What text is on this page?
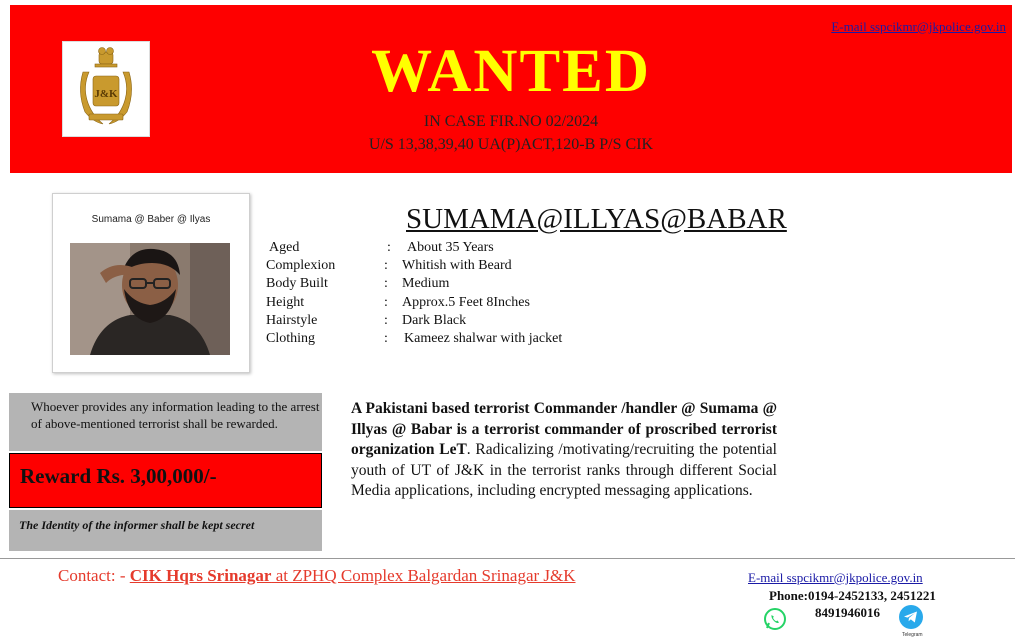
E-mail sspcikmr@jkpolice.gov.in
J&K	WANTED
IN CASE FIR.NO 02/2024
U/S 13,38,39,40 UA(P)ACT,120-B P/S CIK
Sumama @ Baber @ Ilyas	SUMAMA@ILLYAS@BABAR
Aged	:	About 35 Years
Complexion	:	Whitish with Beard
Body Built	:	Medium
Height	:	Approx.5 Feet 8Inches
Hairstyle	:	Dark Black
Clothing	:	Kameez shalwar with jacket
Whoever provides any information leading to the arrest of above-mentioned terrorist shall be rewarded.
Reward Rs. 3,00,000/-
The Identity of the informer shall be kept secret
A Pakistani based terrorist Commander /handler @ Sumama @ Illyas @ Babar is a terrorist commander of proscribed terrorist organization LeT. Radicalizing /motivating/recruiting the potential youth of UT of J&K in the terrorist ranks through different Social Media applications, including encrypted messaging applications.
Contact: - CIK Hqrs Srinagar at ZPHQ Complex Balgardan Srinagar J&K	E-mail sspcikmr@jkpolice.gov.in
Phone:0194-2452133, 2451221
8491946016
Telegram
